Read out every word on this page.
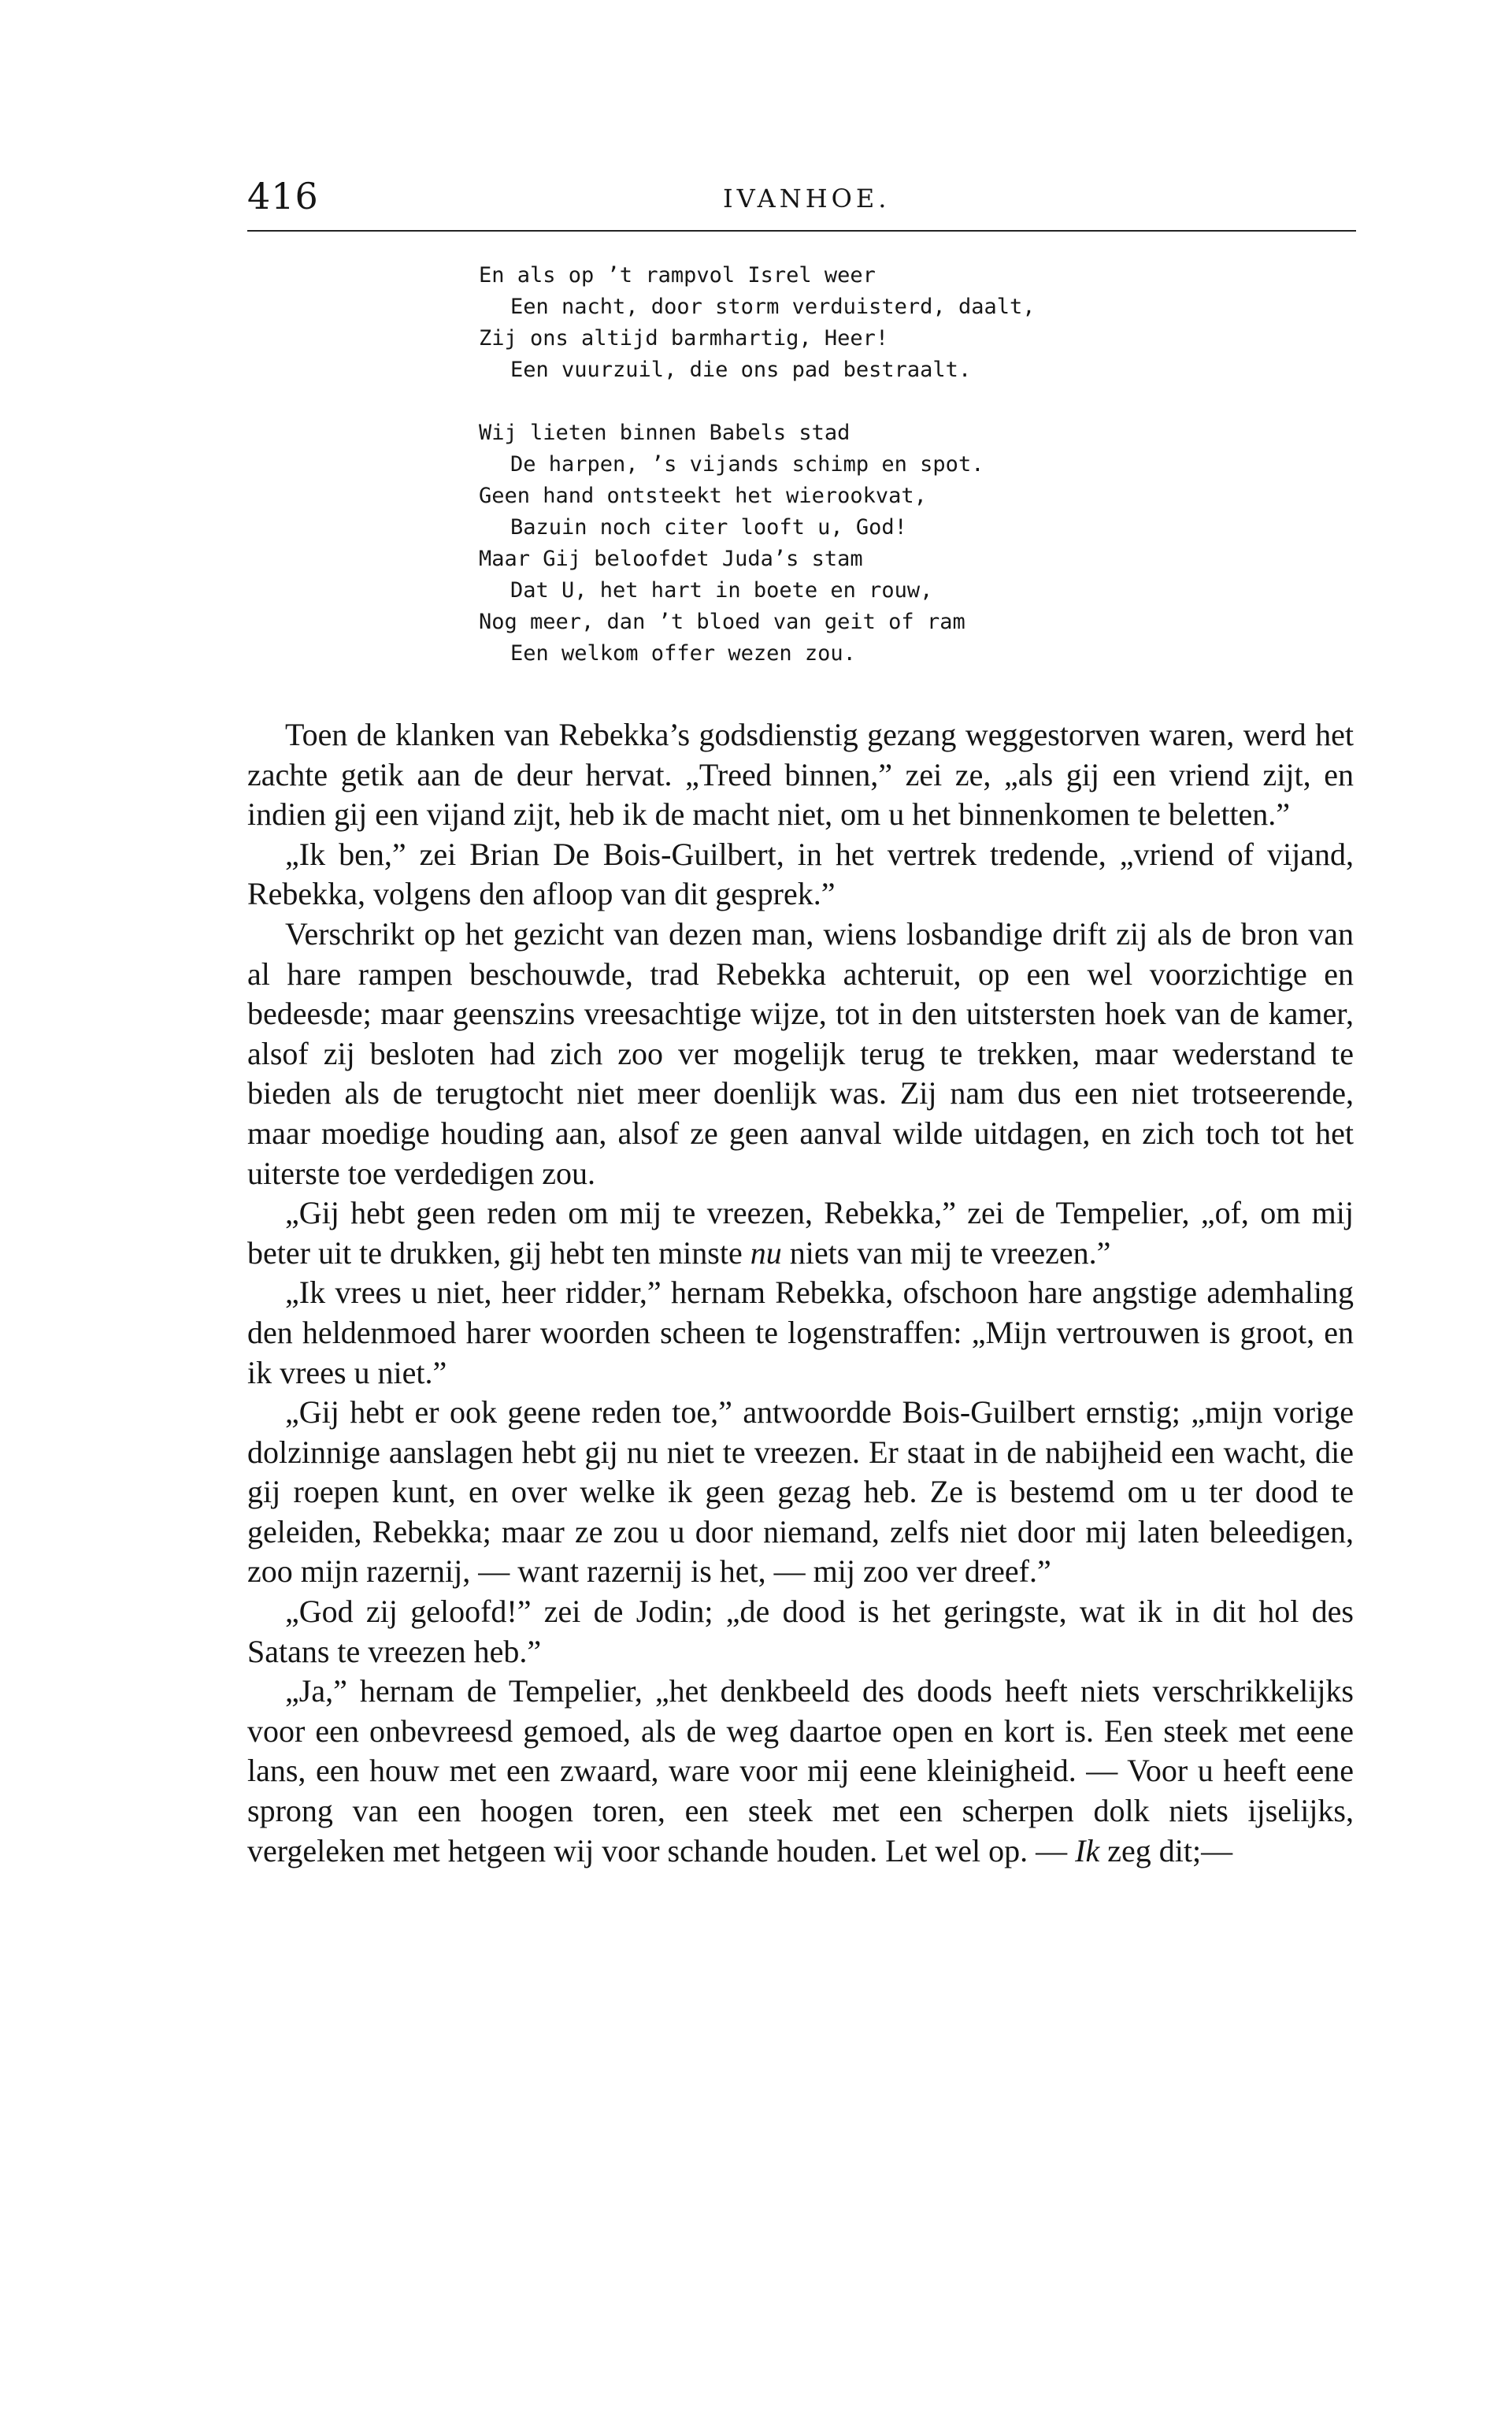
416	IVANHOE.
En als op ’t rampvol Isrel weer
Een nacht, door storm verduisterd, daalt,
Zij ons altijd barmhartig, Heer!
Een vuurzuil, die ons pad bestraalt.
Wij lieten binnen Babels stad
De harpen, ’s vijands schimp en spot.
Geen hand ontsteekt het wierookvat,
Bazuin noch citer looft u, God!
Maar Gij beloofdet Juda’s stam
Dat U, het hart in boete en rouw,
Nog meer, dan ’t bloed van geit of ram
Een welkom offer wezen zou.

Toen de klanken van Rebekka’s godsdienstig gezang weggestorven waren, werd het zachte getik aan de deur hervat. „Treed binnen,” zei ze, „als gij een vriend zijt, en indien gij een vijand zijt, heb ik de macht niet, om u het binnenkomen te beletten.”

„Ik ben,” zei Brian De Bois-Guilbert, in het vertrek tredende, „vriend of vijand, Rebekka, volgens den afloop van dit gesprek.”

Verschrikt op het gezicht van dezen man, wiens losbandige drift zij als de bron van al hare rampen beschouwde, trad Rebekka achteruit, op een wel voorzichtige en bedeesde; maar geenszins vreesachtige wijze, tot in den uitstersten hoek van de kamer, alsof zij besloten had zich zoo ver mogelijk terug te trekken, maar wederstand te bieden als de terugtocht niet meer doenlijk was. Zij nam dus een niet trotseerende, maar moedige houding aan, alsof ze geen aanval wilde uitdagen, en zich toch tot het uiterste toe verdedigen zou.

„Gij hebt geen reden om mij te vreezen, Rebekka,” zei de Tempelier, „of, om mij beter uit te drukken, gij hebt ten minste nu niets van mij te vreezen.”

„Ik vrees u niet, heer ridder,” hernam Rebekka, ofschoon hare angstige ademhaling den heldenmoed harer woorden scheen te logenstraffen: „Mijn vertrouwen is groot, en ik vrees u niet.”

„Gij hebt er ook geene reden toe,” antwoordde Bois-Guilbert ernstig; „mijn vorige dolzinnige aanslagen hebt gij nu niet te vreezen. Er staat in de nabijheid een wacht, die gij roepen kunt, en over welke ik geen gezag heb. Ze is bestemd om u ter dood te geleiden, Rebekka; maar ze zou u door niemand, zelfs niet door mij laten beleedigen, zoo mijn razernij, — want razernij is het, — mij zoo ver dreef.”

„God zij geloofd!” zei de Jodin; „de dood is het geringste, wat ik in dit hol des Satans te vreezen heb.”

„Ja,” hernam de Tempelier, „het denkbeeld des doods heeft niets verschrikkelijks voor een onbevreesd gemoed, als de weg daartoe open en kort is. Een steek met eene lans, een houw met een zwaard, ware voor mij eene kleinigheid. — Voor u heeft eene sprong van een hoogen toren, een steek met een scherpen dolk niets ijselijks, vergeleken met hetgeen wij voor schande houden. Let wel op. — Ik zeg dit;—
